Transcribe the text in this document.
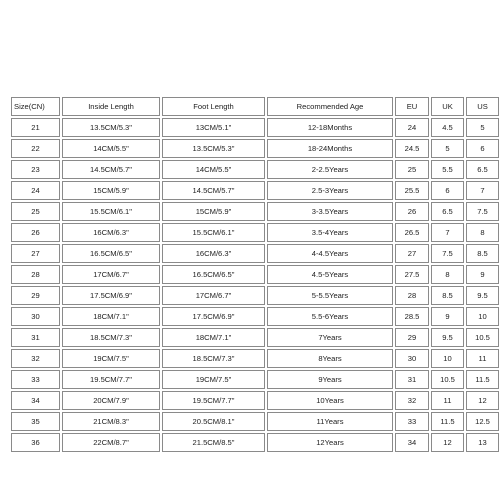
Size(CN)	Inside Length	Foot Length	Recommended Age	EU	UK	US
21	13.5CM/5.3"	13CM/5.1"	12-18Months	24	4.5	5
22	14CM/5.5"	13.5CM/5.3"	18-24Months	24.5	5	6
23	14.5CM/5.7"	14CM/5.5"	2-2.5Years	25	5.5	6.5
24	15CM/5.9"	14.5CM/5.7"	2.5-3Years	25.5	6	7
25	15.5CM/6.1"	15CM/5.9"	3-3.5Years	26	6.5	7.5
26	16CM/6.3"	15.5CM/6.1"	3.5-4Years	26.5	7	8
27	16.5CM/6.5"	16CM/6.3"	4-4.5Years	27	7.5	8.5
28	17CM/6.7"	16.5CM/6.5"	4.5-5Years	27.5	8	9
29	17.5CM/6.9"	17CM/6.7"	5-5.5Years	28	8.5	9.5
30	18CM/7.1"	17.5CM/6.9"	5.5-6Years	28.5	9	10
31	18.5CM/7.3"	18CM/7.1"	7Years	29	9.5	10.5
32	19CM/7.5"	18.5CM/7.3"	8Years	30	10	11
33	19.5CM/7.7"	19CM/7.5"	9Years	31	10.5	11.5
34	20CM/7.9"	19.5CM/7.7"	10Years	32	11	12
35	21CM/8.3"	20.5CM/8.1"	11Years	33	11.5	12.5
36	22CM/8.7"	21.5CM/8.5"	12Years	34	12	13
